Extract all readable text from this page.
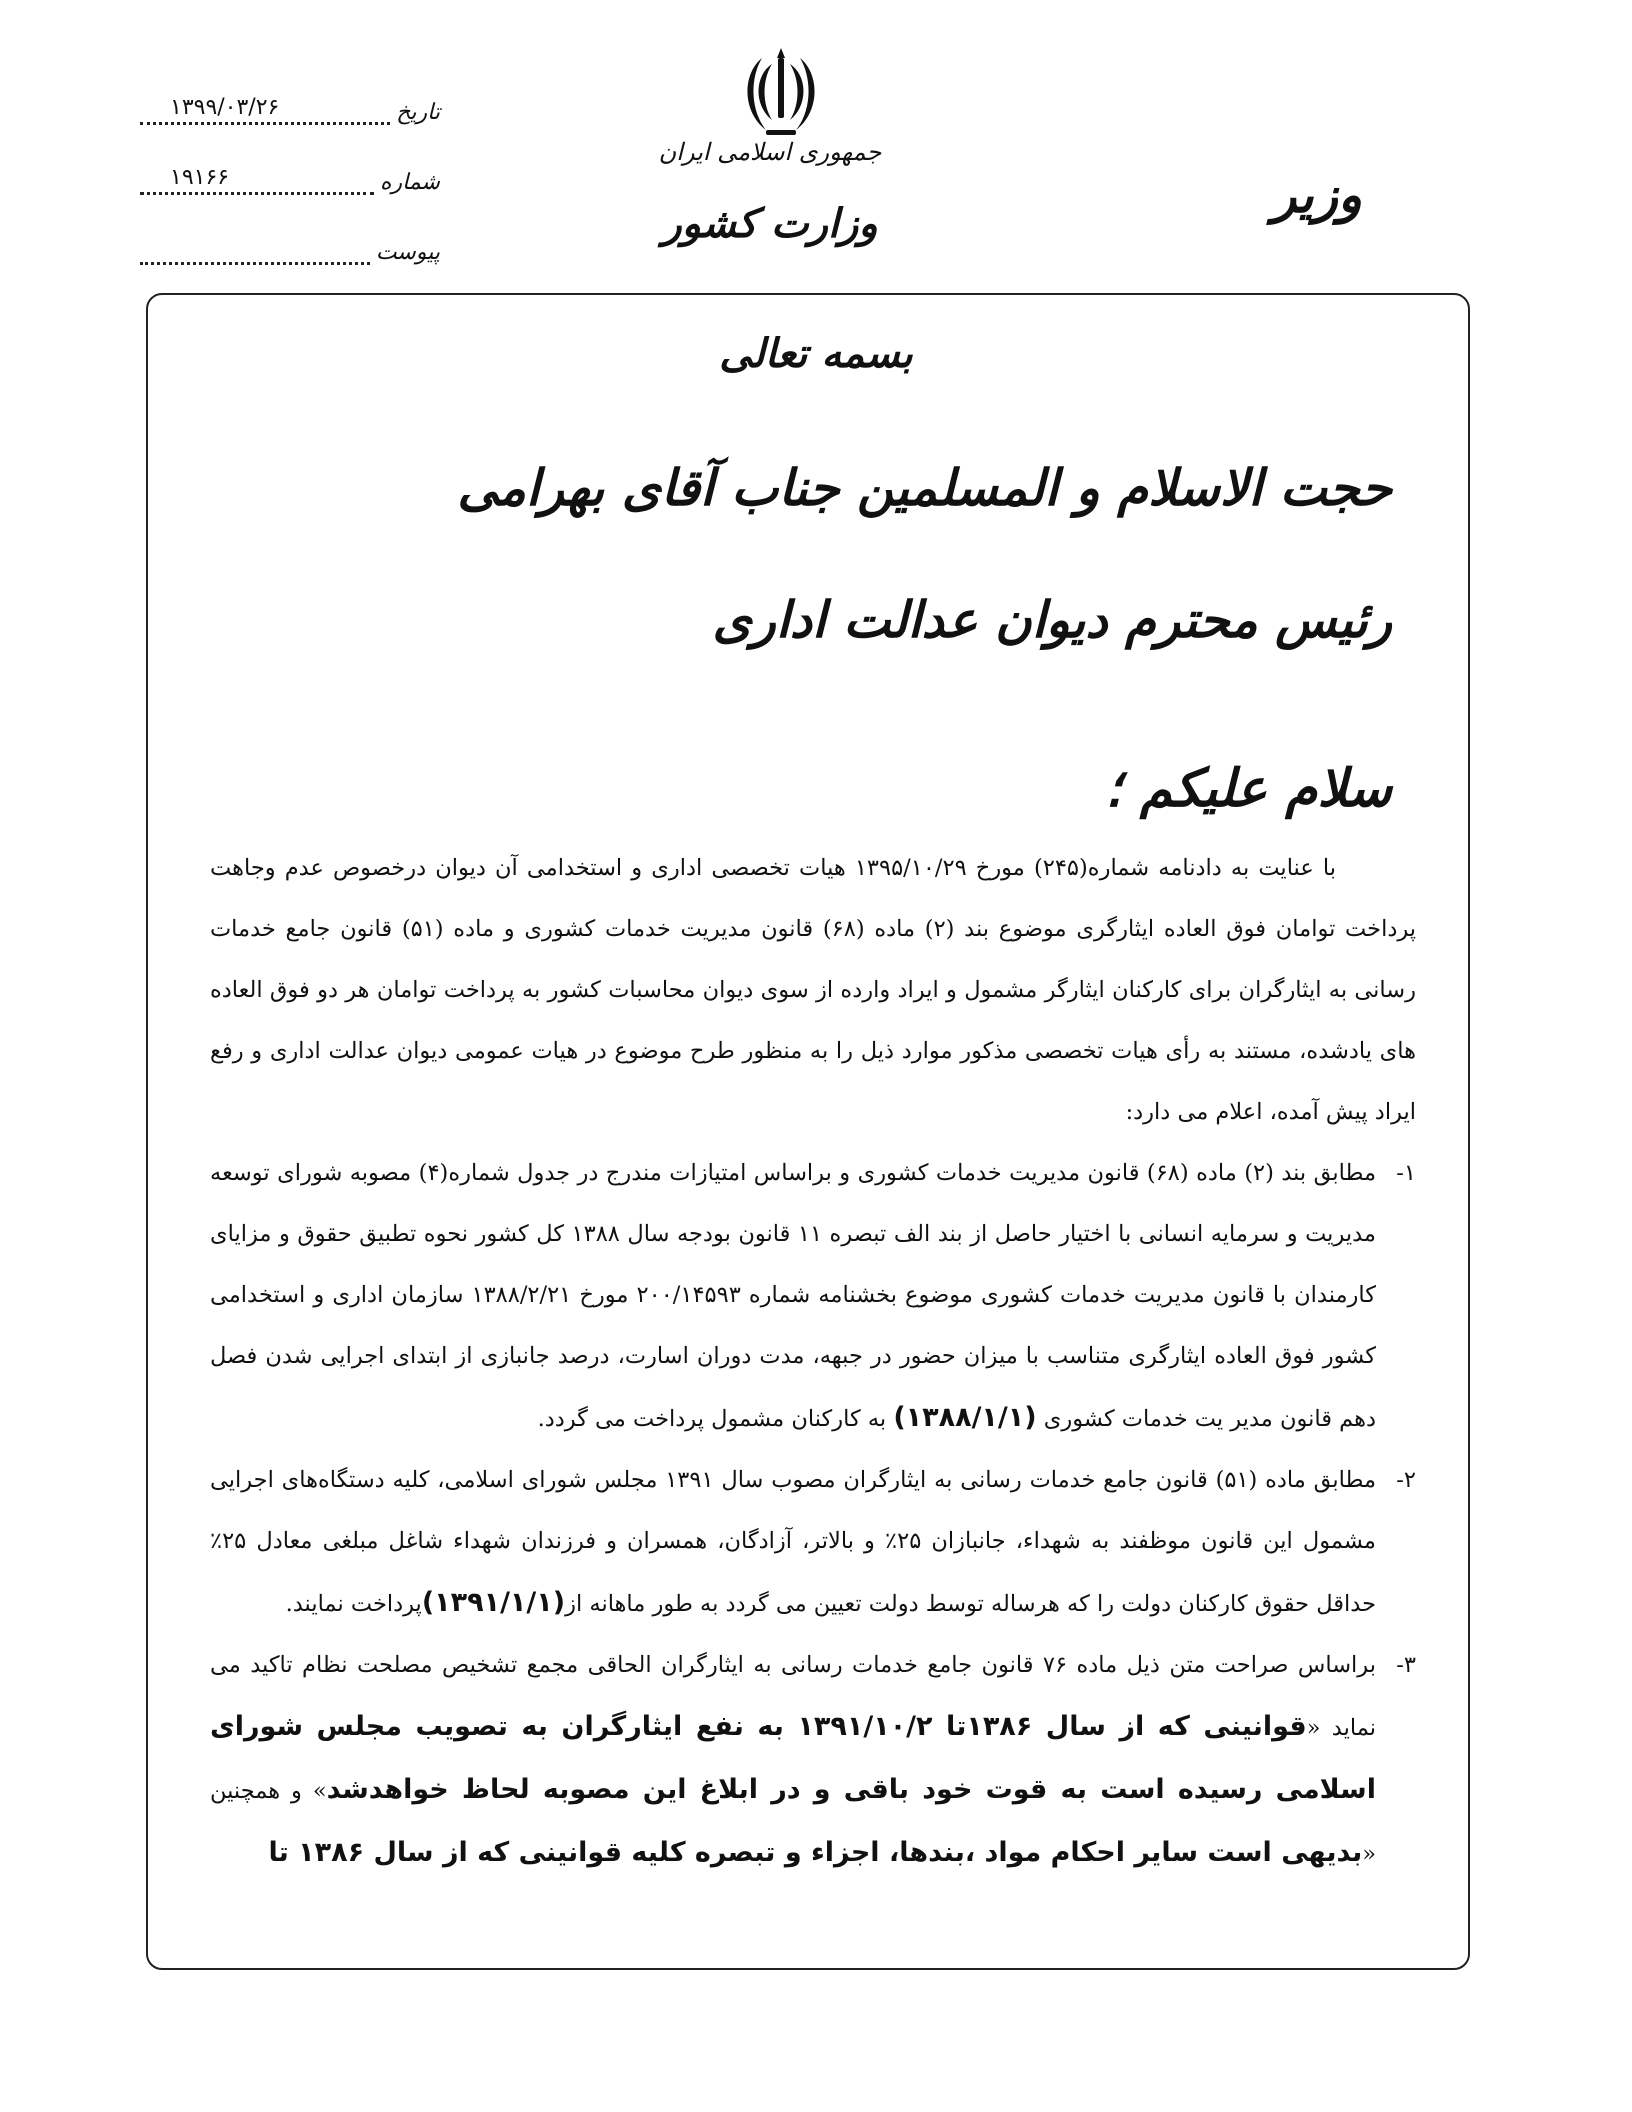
تاریخ
۱۳۹۹/۰۳/۲۶
شماره
۱۹۱۶۶
پیوست
جمهوری اسلامی ایران
وزارت کشور	وزیر
بسمه تعالی
حجت الاسلام و المسلمین جناب آقای بهرامی
رئیس محترم دیوان عدالت اداری
سلام علیکم ؛

با عنایت به دادنامه شماره(۲۴۵) مورخ ۱۳۹۵/۱۰/۲۹ هیات تخصصی اداری و استخدامی آن دیوان درخصوص عدم وجاهت پرداخت توامان فوق العاده ایثارگری موضوع بند (۲) ماده (۶۸) قانون مدیریت خدمات کشوری و ماده (۵۱) قانون جامع خدمات رسانی به ایثارگران برای کارکنان ایثارگر مشمول و ایراد وارده از سوی دیوان محاسبات کشور به پرداخت توامان هر دو فوق العاده های یادشده، مستند به رأی هیات تخصصی مذکور موارد ذیل را به منظور طرح موضوع در هیات عمومی دیوان عدالت اداری و رفع ایراد پیش آمده، اعلام می دارد:

۱-
مطابق بند (۲) ماده (۶۸) قانون مدیریت خدمات کشوری و براساس امتیازات مندرج در جدول شماره(۴) مصوبه شورای توسعه مدیریت و سرمایه انسانی با اختیار حاصل از بند الف تبصره ۱۱ قانون بودجه سال ۱۳۸۸ کل کشور نحوه تطبیق حقوق و مزایای کارمندان با قانون مدیریت خدمات کشوری موضوع بخشنامه شماره ۲۰۰/۱۴۵۹۳ مورخ ۱۳۸۸/۲/۲۱ سازمان اداری و استخدامی کشور فوق العاده ایثارگری متناسب با میزان حضور در جبهه، مدت دوران اسارت، درصد جانبازی از ابتدای اجرایی شدن فصل دهم قانون مدیر یت خدمات کشوری (۱۳۸۸/۱/۱) به کارکنان مشمول پرداخت می گردد.
۲-
مطابق ماده (۵۱) قانون جامع خدمات رسانی به ایثارگران مصوب سال ۱۳۹۱ مجلس شورای اسلامی، کلیه دستگاه‌های اجرایی مشمول این قانون موظفند به شهداء، جانبازان ۲۵٪ و بالاتر، آزادگان، همسران و فرزندان شهداء شاغل مبلغی معادل ۲۵٪ حداقل حقوق کارکنان دولت را که هرساله توسط دولت تعیین می گردد به طور ماهانه از(۱۳۹۱/۱/۱)پرداخت نمایند.
۳-
براساس صراحت متن ذیل ماده ۷۶ قانون جامع خدمات رسانی به ایثارگران الحاقی مجمع تشخیص مصلحت نظام تاکید می نماید «قوانینی که از سال ۱۳۸۶تا ۱۳۹۱/۱۰/۲ به نفع ایثارگران به تصویب مجلس شورای اسلامی رسیده است به قوت خود باقی و در ابلاغ این مصوبه لحاظ خواهدشد» و همچنین «بدیهی است سایر احکام مواد ،بندها، اجزاء و تبصره کلیه قوانینی که از سال ۱۳۸۶ تا
